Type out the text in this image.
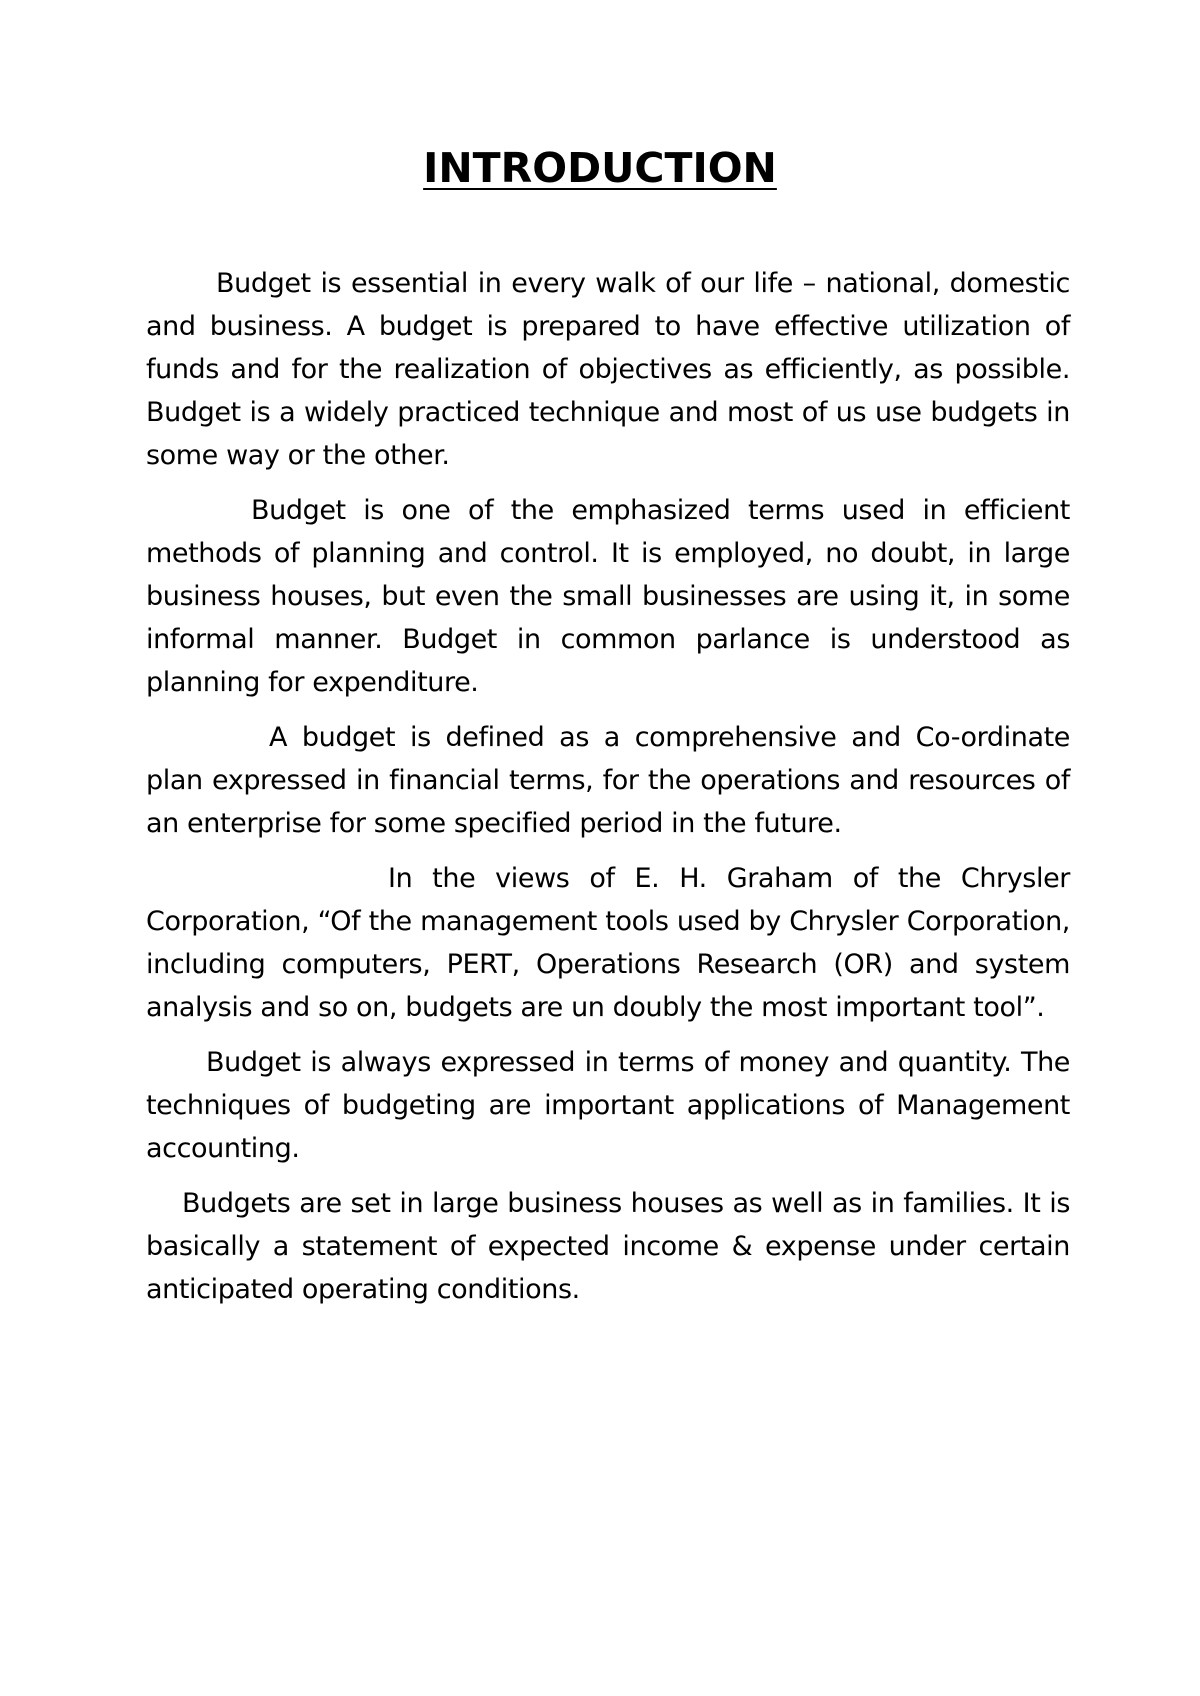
INTRODUCTION

Budget is essential in every walk of our life – national, domestic and business. A budget is prepared to have effective utilization of funds and for the realization of objectives as efficiently, as possible. Budget is a widely practiced technique and most of us use budgets in some way or the other.

Budget is one of the emphasized terms used in efficient methods of planning and control. It is employed, no doubt, in large business houses, but even the small businesses are using it, in some informal manner. Budget in common parlance is understood as planning for expenditure.

A budget is defined as a comprehensive and Co-ordinate plan expressed in financial terms, for the operations and resources of an enterprise for some specified period in the future.

In the views of E. H. Graham of the Chrysler Corporation, “Of the management tools used by Chrysler Corporation, including computers, PERT, Operations Research (OR) and system analysis and so on, budgets are un doubly the most important tool”.

Budget is always expressed in terms of money and quantity. The techniques of budgeting are important applications of Management accounting.

Budgets are set in large business houses as well as in families. It is basically a statement of expected income & expense under certain anticipated operating conditions.
